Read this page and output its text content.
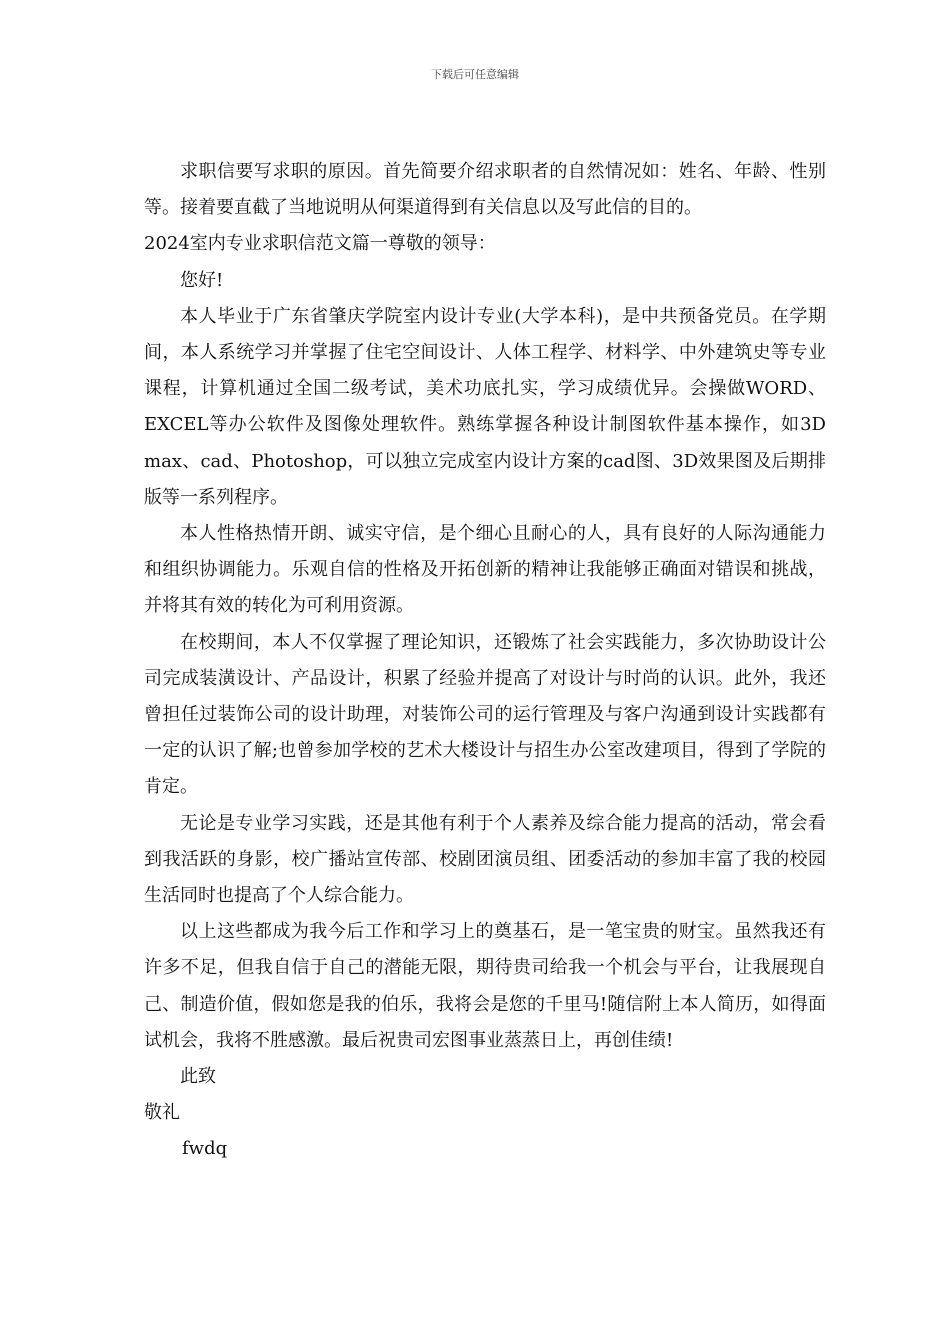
下载后可任意编辑

求职信要写求职的原因。首先简要介绍求职者的自然情况如：姓名、年龄、性别等。接着要直截了当地说明从何渠道得到有关信息以及写此信的目的。

2024室内专业求职信范文篇一尊敬的领导：

您好!

本人毕业于广东省肇庆学院室内设计专业(大学本科)，是中共预备党员。在学期间，本人系统学习并掌握了住宅空间设计、人体工程学、材料学、中外建筑史等专业课程，计算机通过全国二级考试，美术功底扎实，学习成绩优异。会操做WORD、EXCEL等办公软件及图像处理软件。熟练掌握各种设计制图软件基本操作，如3D max、cad、Photoshop，可以独立完成室内设计方案的cad图、3D效果图及后期排版等一系列程序。

本人性格热情开朗、诚实守信，是个细心且耐心的人，具有良好的人际沟通能力和组织协调能力。乐观自信的性格及开拓创新的精神让我能够正确面对错误和挑战，并将其有效的转化为可利用资源。

在校期间，本人不仅掌握了理论知识，还锻炼了社会实践能力，多次协助设计公司完成装潢设计、产品设计，积累了经验并提高了对设计与时尚的认识。此外，我还曾担任过装饰公司的设计助理，对装饰公司的运行管理及与客户沟通到设计实践都有一定的认识了解;也曾参加学校的艺术大楼设计与招生办公室改建项目，得到了学院的肯定。

无论是专业学习实践，还是其他有利于个人素养及综合能力提高的活动，常会看到我活跃的身影，校广播站宣传部、校剧团演员组、团委活动的参加丰富了我的校园生活同时也提高了个人综合能力。

以上这些都成为我今后工作和学习上的奠基石，是一笔宝贵的财宝。虽然我还有许多不足，但我自信于自己的潜能无限，期待贵司给我一个机会与平台，让我展现自己、制造价值，假如您是我的伯乐，我将会是您的千里马!随信附上本人简历，如得面试机会，我将不胜感激。最后祝贵司宏图事业蒸蒸日上，再创佳绩!

此致

敬礼

fwdq
